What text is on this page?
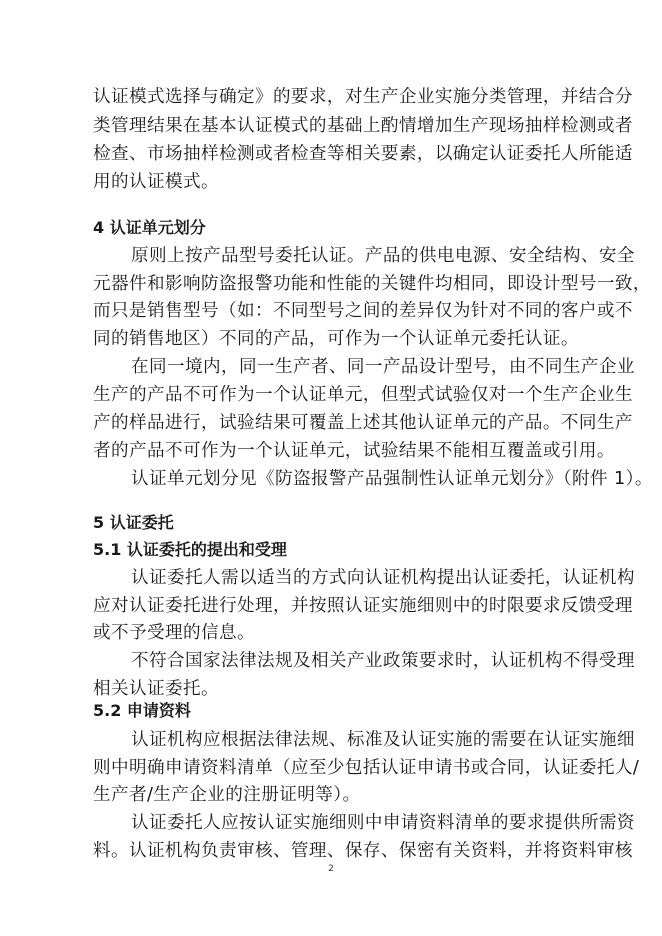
认证模式选择与确定》的要求，对生产企业实施分类管理，并结合分
类管理结果在基本认证模式的基础上酌情增加生产现场抽样检测或者
检查、市场抽样检测或者检查等相关要素，以确定认证委托人所能适
用的认证模式。
4 认证单元划分
原则上按产品型号委托认证。产品的供电电源、安全结构、安全
元器件和影响防盗报警功能和性能的关键件均相同，即设计型号一致，
而只是销售型号（如：不同型号之间的差异仅为针对不同的客户或不
同的销售地区）不同的产品，可作为一个认证单元委托认证。
在同一境内，同一生产者、同一产品设计型号，由不同生产企业
生产的产品不可作为一个认证单元，但型式试验仅对一个生产企业生
产的样品进行，试验结果可覆盖上述其他认证单元的产品。不同生产
者的产品不可作为一个认证单元，试验结果不能相互覆盖或引用。
认证单元划分见《防盗报警产品强制性认证单元划分》（附件 1）。
5 认证委托
5.1 认证委托的提出和受理
认证委托人需以适当的方式向认证机构提出认证委托，认证机构
应对认证委托进行处理，并按照认证实施细则中的时限要求反馈受理
或不予受理的信息。
不符合国家法律法规及相关产业政策要求时，认证机构不得受理
相关认证委托。
5.2 申请资料
认证机构应根据法律法规、标准及认证实施的需要在认证实施细
则中明确申请资料清单（应至少包括认证申请书或合同，认证委托人/
生产者/生产企业的注册证明等）。
认证委托人应按认证实施细则中申请资料清单的要求提供所需资
料。认证机构负责审核、管理、保存、保密有关资料，并将资料审核
2
